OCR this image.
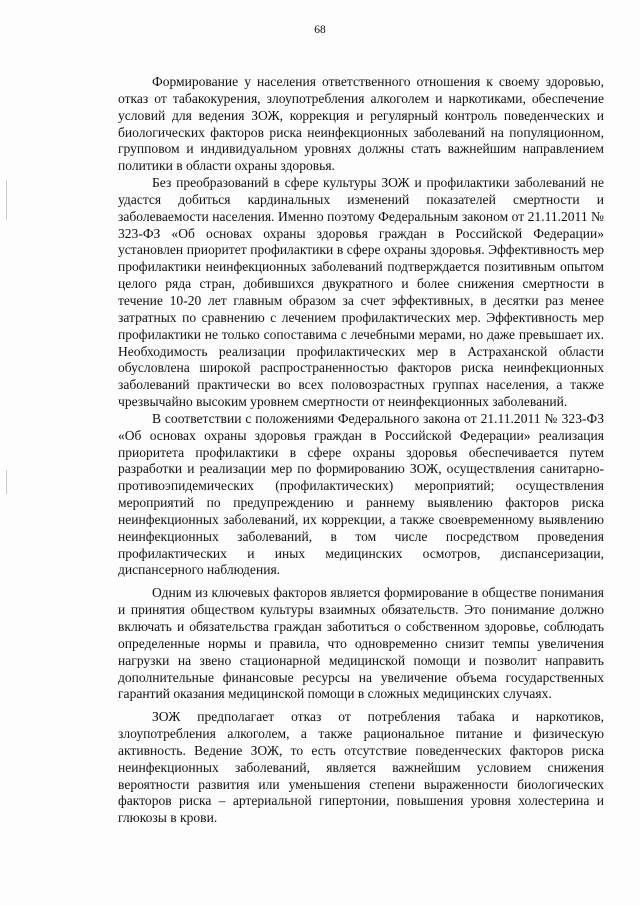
68

Формирование у населения ответственного отношения к своему здоровью, отказ от табакокурения, злоупотребления алкоголем и наркотиками, обеспечение условий для ведения ЗОЖ, коррекция и регулярный контроль поведенческих и биологических факторов риска неинфекционных заболеваний на популяционном, групповом и индивидуальном уровнях должны стать важнейшим направлением политики в области охраны здоровья.

Без преобразований в сфере культуры ЗОЖ и профилактики заболеваний не удастся добиться кардинальных изменений показателей смертности и заболеваемости населения. Именно поэтому Федеральным законом от 21.11.2011 № 323-ФЗ «Об основах охраны здоровья граждан в Российской Федерации» установлен приоритет профилактики в сфере охраны здоровья. Эффективность мер профилактики неинфекционных заболеваний подтверждается позитивным опытом целого ряда стран, добившихся двукратного и более снижения смертности в течение 10-20 лет главным образом за счет эффективных, в десятки раз менее затратных по сравнению с лечением профилактических мер. Эффективность мер профилактики не только сопоставима с лечебными мерами, но даже превышает их. Необходимость реализации профилактических мер в Астраханской области обусловлена широкой распространенностью факторов риска неинфекционных заболеваний практически во всех половозрастных группах населения, а также чрезвычайно высоким уровнем смертности от неинфекционных заболеваний.

В соответствии с положениями Федерального закона от 21.11.2011 № 323-ФЗ «Об основах охраны здоровья граждан в Российской Федерации» реализация приоритета профилактики в сфере охраны здоровья обеспечивается путем разработки и реализации мер по формированию ЗОЖ, осуществления санитарно-противоэпидемических (профилактических) мероприятий; осуществления мероприятий по предупреждению и раннему выявлению факторов риска неинфекционных заболеваний, их коррекции, а также своевременному выявлению неинфекционных заболеваний, в том числе посредством проведения профилактических и иных медицинских осмотров, диспансеризации, диспансерного наблюдения.

Одним из ключевых факторов является формирование в обществе понимания и принятия обществом культуры взаимных обязательств. Это понимание должно включать и обязательства граждан заботиться о собственном здоровье, соблюдать определенные нормы и правила, что одновременно снизит темпы увеличения нагрузки на звено стационарной медицинской помощи и позволит направить дополнительные финансовые ресурсы на увеличение объема государственных гарантий оказания медицинской помощи в сложных медицинских случаях.

ЗОЖ предполагает отказ от потребления табака и наркотиков, злоупотребления алкоголем, а также рациональное питание и физическую активность. Ведение ЗОЖ, то есть отсутствие поведенческих факторов риска неинфекционных заболеваний, является важнейшим условием снижения вероятности развития или уменьшения степени выраженности биологических факторов риска – артериальной гипертонии, повышения уровня холестерина и глюкозы в крови.
